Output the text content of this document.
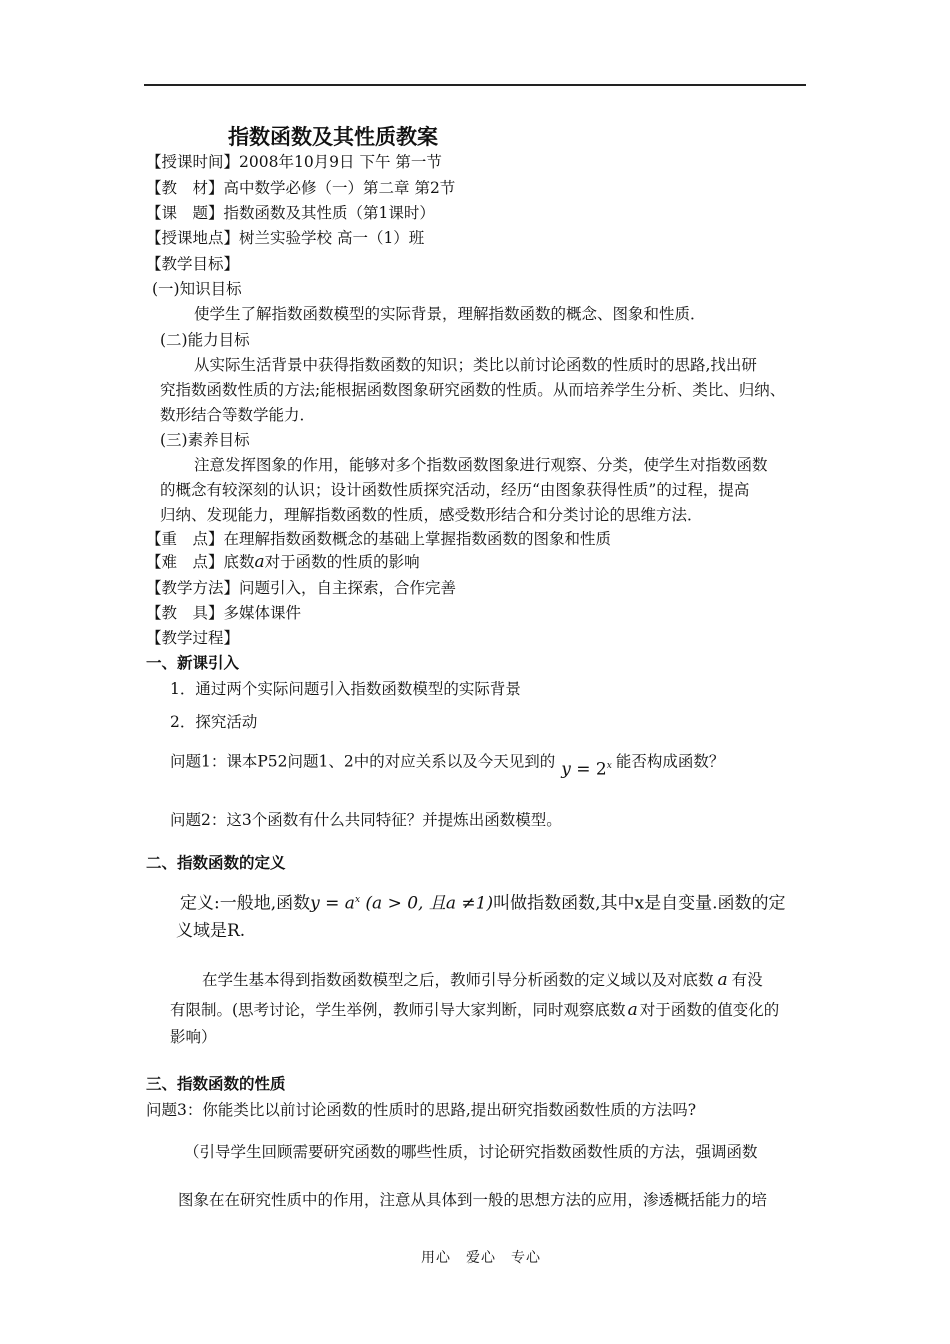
指数函数及其性质教案
【授课时间】2008年10月9日 下午 第一节
【教　材】高中数学必修（一）第二章 第2节
【课　题】指数函数及其性质（第1课时）
【授课地点】树兰实验学校 高一（1）班
【教学目标】
(一)知识目标
使学生了解指数函数模型的实际背景，理解指数函数的概念、图象和性质．
(二)能力目标
从实际生活背景中获得指数函数的知识；类比以前讨论函数的性质时的思路,找出研
究指数函数性质的方法;能根据函数图象研究函数的性质。从而培养学生分析、类比、归纳、
数形结合等数学能力．
(三)素养目标
注意发挥图象的作用，能够对多个指数函数图象进行观察、分类，使学生对指数函数
的概念有较深刻的认识；设计函数性质探究活动，经历“由图象获得性质”的过程，提高
归纳、发现能力，理解指数函数的性质，感受数形结合和分类讨论的思维方法．
【重　点】在理解指数函数概念的基础上掌握指数函数的图象和性质
【难　点】底数a对于函数的性质的影响
【教学方法】问题引入，自主探索，合作完善
【教　具】多媒体课件
【教学过程】
一、新课引入
1．通过两个实际问题引入指数函数模型的实际背景
2．探究活动
问题1：课本P52问题1、2中的对应关系以及今天见到的 $y = 2^x$ 能否构成函数？
问题2：这3个函数有什么共同特征？并提炼出函数模型。
二、指数函数的定义
定义:一般地,函数$y = a^x$ (a > 0, 且a ≠1)叫做指数函数,其中x是自变量.函数的定
义域是R.
在学生基本得到指数函数模型之后，教师引导分析函数的定义域以及对底数 a 有没
有限制。(思考讨论，学生举例，教师引导大家判断，同时观察底数 a 对于函数的值变化的
影响）
三、指数函数的性质
问题3：你能类比以前讨论函数的性质时的思路,提出研究指数函数性质的方法吗?
（引导学生回顾需要研究函数的哪些性质，讨论研究指数函数性质的方法，强调函数
图象在在研究性质中的作用，注意从具体到一般的思想方法的应用，渗透概括能力的培
用心　爱心　专心
